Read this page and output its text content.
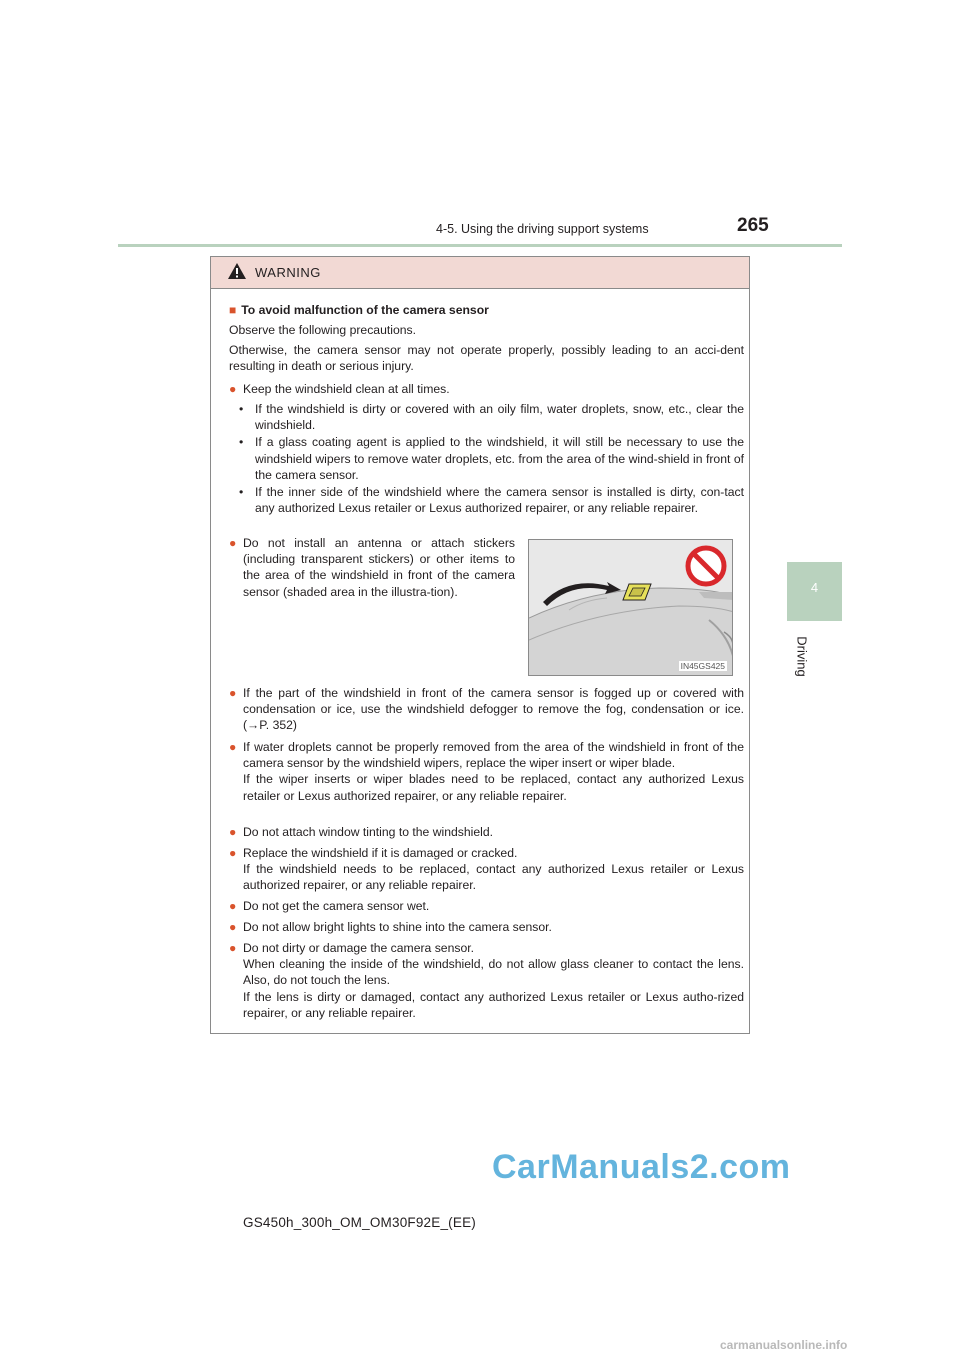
4-5. Using the driving support systems	265
4
Driving
WARNING

■ To avoid malfunction of the camera sensor

Observe the following precautions.

Otherwise, the camera sensor may not operate properly, possibly leading to an acci-dent resulting in death or serious injury.

● Keep the windshield clean at all times.
• If the windshield is dirty or covered with an oily film, water droplets, snow, etc., clear the windshield.
• If a glass coating agent is applied to the windshield, it will still be necessary to use the windshield wipers to remove water droplets, etc. from the area of the wind-shield in front of the camera sensor.
• If the inner side of the windshield where the camera sensor is installed is dirty, con-tact any authorized Lexus retailer or Lexus authorized repairer, or any reliable repairer.
● Do not install an antenna or attach stickers (including transparent stickers) or other items to the area of the windshield in front of the camera sensor (shaded area in the illustra-tion).
IN45GS425
● If the part of the windshield in front of the camera sensor is fogged up or covered with condensation or ice, use the windshield defogger to remove the fog, condensation or ice. (→P. 352)
● If water droplets cannot be properly removed from the area of the windshield in front of the camera sensor by the windshield wipers, replace the wiper insert or wiper blade.
If the wiper inserts or wiper blades need to be replaced, contact any authorized Lexus retailer or Lexus authorized repairer, or any reliable repairer.
● Do not attach window tinting to the windshield.
● Replace the windshield if it is damaged or cracked.
If the windshield needs to be replaced, contact any authorized Lexus retailer or Lexus authorized repairer, or any reliable repairer.
● Do not get the camera sensor wet.
● Do not allow bright lights to shine into the camera sensor.
● Do not dirty or damage the camera sensor.
When cleaning the inside of the windshield, do not allow glass cleaner to contact the lens. Also, do not touch the lens.
If the lens is dirty or damaged, contact any authorized Lexus retailer or Lexus autho-rized repairer, or any reliable repairer.
GS450h_300h_OM_OM30F92E_(EE)
CarManuals2.com
carmanualsonline.info
